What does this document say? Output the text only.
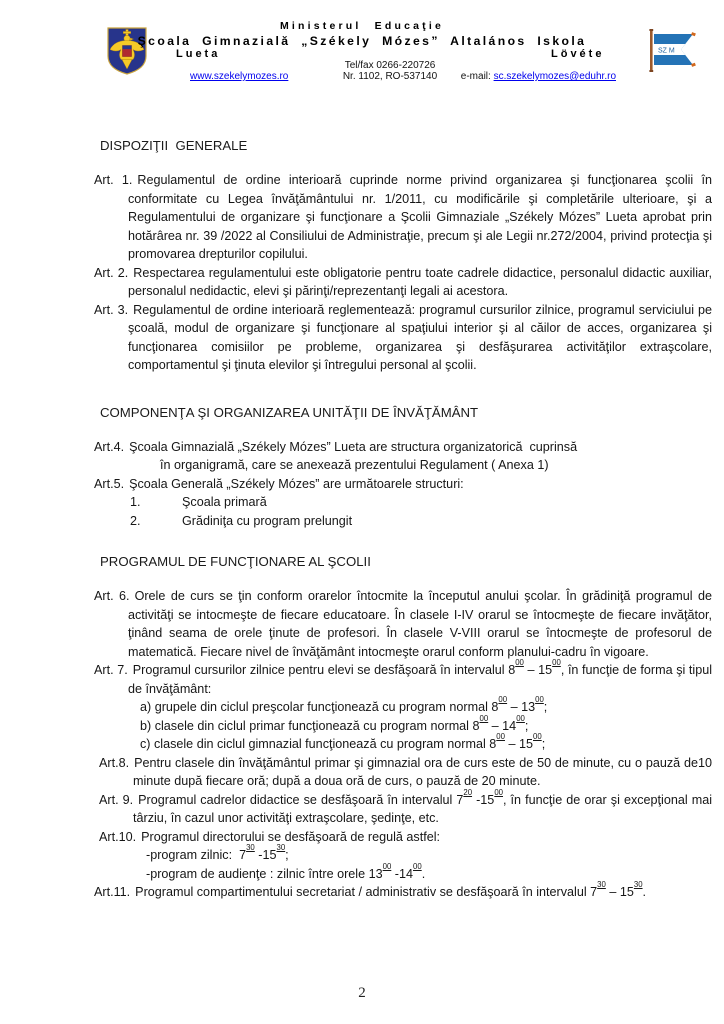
Ministerul Educaţie
Şcoala Gimnazială „Székely Mózes” Altalános Iskola
Lueta	Lövéte
Tel/fax 0266-220726
www.szekelymozes.ro	Nr. 1102, RO-537140	e-mail: sc.szekelymozes@eduhr.ro
SZ M
DISPOZIŢII  GENERALE

Art. 1. Regulamentul de ordine interioară cuprinde norme privind organizarea şi funcţionarea şcolii în conformitate cu Legea învăţământului nr. 1/2011, cu modificările şi completările ulterioare, şi a Regulamentului de organizare şi funcţionare a Şcolii Gimnaziale „Székely Mózes” Lueta aprobat prin hotărârea nr. 39 /2022 al Consiliului de Administraţie, precum şi ale Legii nr.272/2004, privind protecţia şi promovarea drepturilor copilului.

Art. 2. Respectarea regulamentului este obligatorie pentru toate cadrele didactice, personalul didactic auxiliar, personalul nedidactic, elevi şi părinţi/reprezentanţi legali ai acestora.

Art. 3. Regulamentul de ordine interioară reglementează: programul cursurilor zilnice, programul serviciului pe şcoală, modul de organizare şi funcţionare al spaţiului interior şi al căilor de acces, organizarea şi funcţionarea comisiilor pe probleme, organizarea şi desfăşurarea activităţilor extraşcolare, comportamentul şi ţinuta elevilor şi întregului personal al şcolii.

COMPONENŢA ŞI ORGANIZAREA UNITĂŢII DE ÎNVĂŢĂMÂNT
Art.4. Şcoala Gimnazială „Székely Mózes” Lueta are structura organizatorică  cuprinsă
în organigramă, care se anexează prezentului Regulament ( Anexa 1)

Art.5. Şcoala Generală „Székely Mózes” are următoarele structuri:

1.	Şcoala primară
2.	Grădiniţa cu program prelungit
PROGRAMUL DE FUNCŢIONARE AL ŞCOLII

Art. 6. Orele de curs se ţin conform orarelor întocmite la începutul anului şcolar. În grădiniţă programul de activităţi se intocmeşte de fiecare educatoare. În clasele I-IV orarul se întocmeşte de fiecare invăţător, ţinând seama de orele ţinute de profesori. În clasele V-VIII orarul se întocmeşte de profesorul de matematică. Fiecare nivel de învăţământ intocmeşte orarul conform planului-cadru în vigoare.

Art. 7. Programul cursurilor zilnice pentru elevi se desfăşoară în intervalul $8^{00} - 15^{00}$, în funcţie de forma şi tipul de învăţământ:

a) grupele din ciclul preşcolar funcţionează cu program normal $8^{00} - 13^{00}$;
b) clasele din ciclul primar funcţionează cu program normal $8^{00} - 14^{00}$;
c) clasele din ciclul gimnazial funcţionează cu program normal $8^{00} - 15^{00}$;

Art.8. Pentru clasele din învăţământul primar şi gimnazial ora de curs este de 50 de minute, cu o pauză de10 minute după fiecare oră; după a doua oră de curs, o pauză de 20 minute.

Art. 9. Programul cadrelor didactice se desfăşoară în intervalul $7^{20}$ $-15^{00}$, în funcţie de orar şi excepţional mai târziu, în cazul unor activităţi extraşcolare, şedinţe, etc.

Art.10. Programul directorului se desfăşoară de regulă astfel:

-program zilnic:  $7^{30}$ $-15^{30}$;
-program de audienţe : zilnic între orele $13^{00}$ $-14^{00}$.

Art.11. Programul compartimentului secretariat / administrativ se desfăşoară în intervalul $7^{30} - 15^{30}$.

2
